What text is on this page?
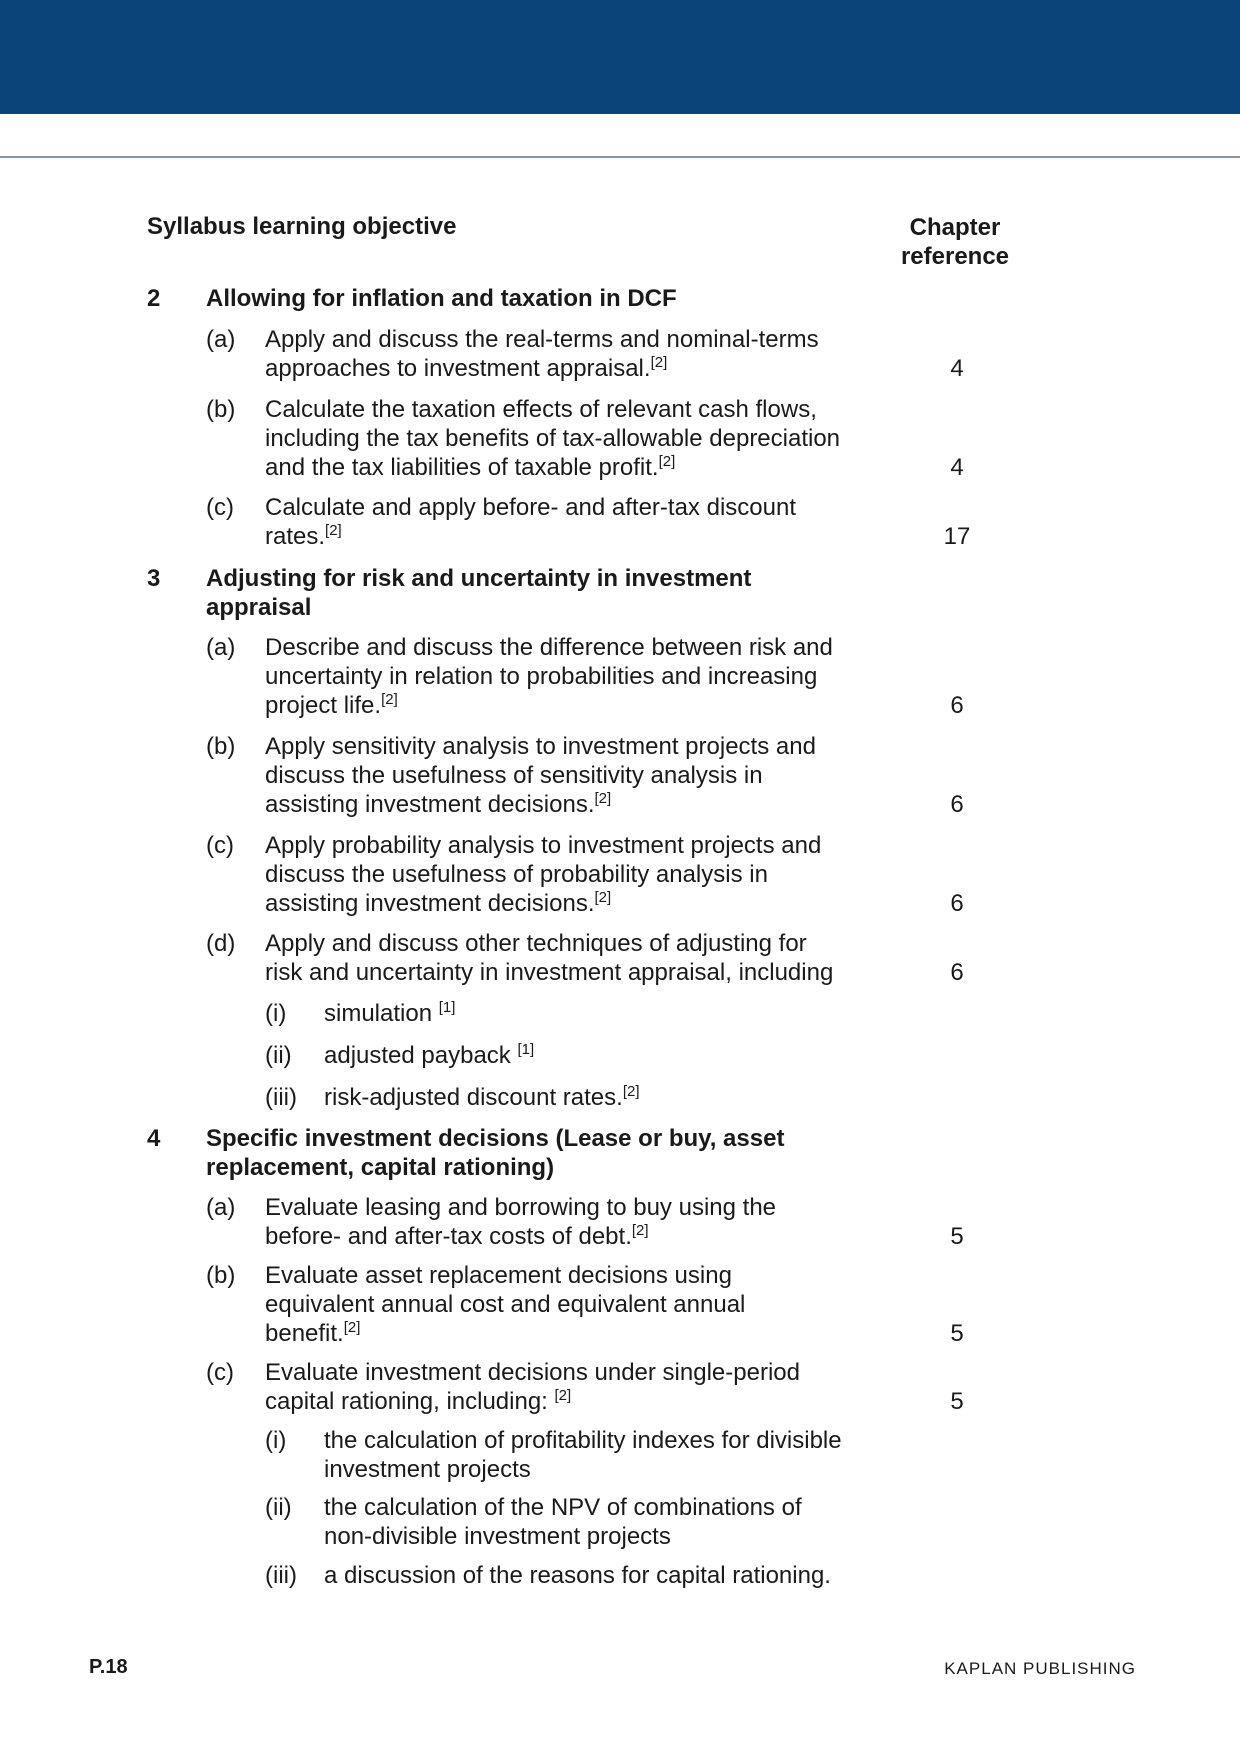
Syllabus learning objective	Chapter
reference
2 Allowing for inflation and taxation in DCF
(a) Apply and discuss the real-terms and nominal-terms
approaches to investment appraisal.[2]	4
(b) Calculate the taxation effects of relevant cash flows,
including the tax benefits of tax-allowable depreciation
and the tax liabilities of taxable profit.[2]	4
(c) Calculate and apply before- and after-tax discount
rates.[2]	17
3 Adjusting for risk and uncertainty in investment
appraisal
(a) Describe and discuss the difference between risk and
uncertainty in relation to probabilities and increasing
project life.[2]	6
(b) Apply sensitivity analysis to investment projects and
discuss the usefulness of sensitivity analysis in
assisting investment decisions.[2]	6
(c) Apply probability analysis to investment projects and
discuss the usefulness of probability analysis in
assisting investment decisions.[2]	6
(d) Apply and discuss other techniques of adjusting for
risk and uncertainty in investment appraisal, including	6
(i) simulation [1]
(ii) adjusted payback [1]
(iii) risk-adjusted discount rates.[2]
4 Specific investment decisions (Lease or buy, asset
replacement, capital rationing)
(a) Evaluate leasing and borrowing to buy using the
before- and after-tax costs of debt.[2]	5
(b) Evaluate asset replacement decisions using
equivalent annual cost and equivalent annual
benefit.[2]	5
(c) Evaluate investment decisions under single-period
capital rationing, including: [2]	5
(i) the calculation of profitability indexes for divisible
investment projects
(ii) the calculation of the NPV of combinations of
non-divisible investment projects
(iii) a discussion of the reasons for capital rationing.
P.18	KAPLAN PUBLISHING
